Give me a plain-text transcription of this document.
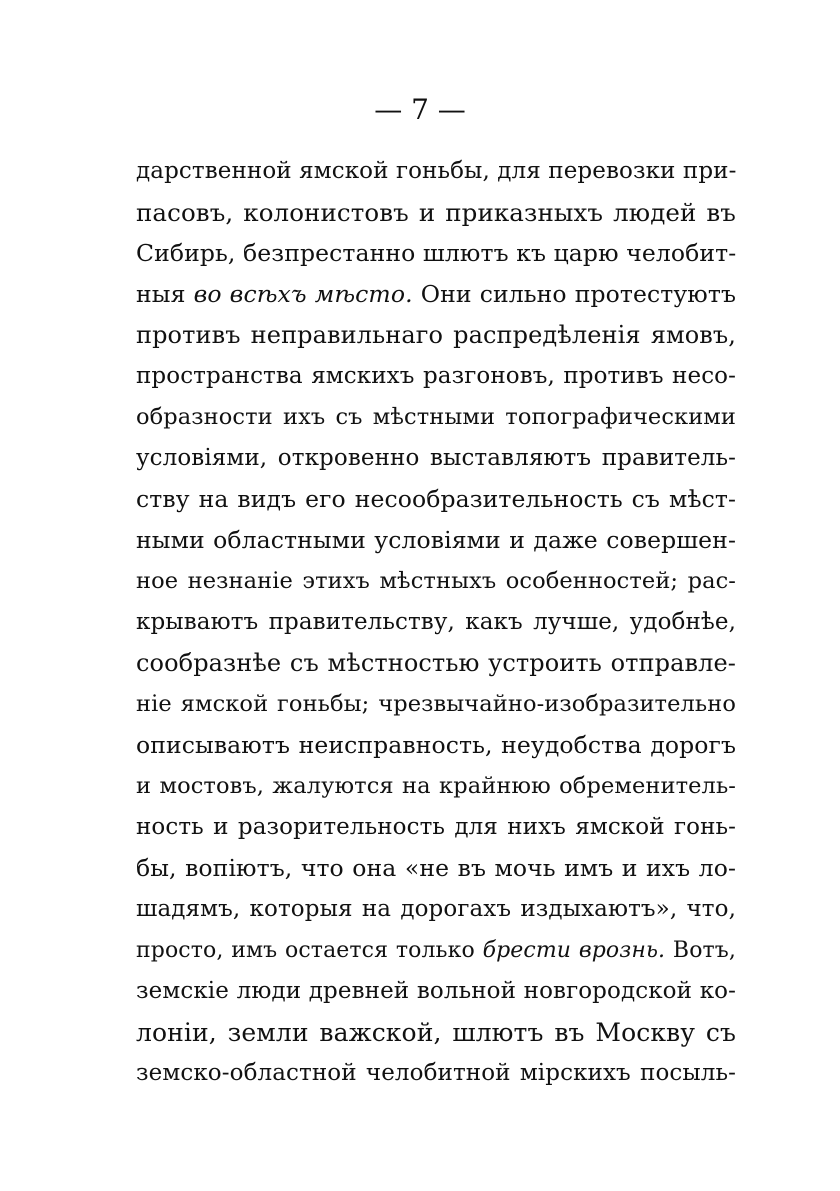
— 7 —
дарственной ямской гоньбы, для перевозки при-
пасовъ, колонистовъ и приказныхъ людей въ
Сибирь, безпрестанно шлютъ къ царю челобит-
ныя во всѣхъ мѣсто. Они сильно протестуютъ
противъ неправильнаго распредѣленія ямовъ,
пространства ямскихъ разгоновъ, противъ несо-
образности ихъ съ мѣстными топографическими
условіями, откровенно выставляютъ правитель-
ству на видъ его несообразительность съ мѣст-
ными областными условіями и даже совершен-
ное незнаніе этихъ мѣстныхъ особенностей; рас-
крываютъ правительству, какъ лучше, удобнѣе,
сообразнѣе съ мѣстностью устроить отправле-
ніе ямской гоньбы; чрезвычайно-изобразительно
описываютъ неисправность, неудобства дорогъ
и мостовъ, жалуются на крайнюю обременитель-
ность и разорительность для нихъ ямской гонь-
бы, вопіютъ, что она «не въ мочь имъ и ихъ ло-
шадямъ, которыя на дорогахъ издыхаютъ», что,
просто, имъ остается только брести врознь. Вотъ,
земскіе люди древней вольной новгородской ко-
лоніи, земли важской, шлютъ въ Москву съ
земско-областной челобитной мірскихъ посыль-
